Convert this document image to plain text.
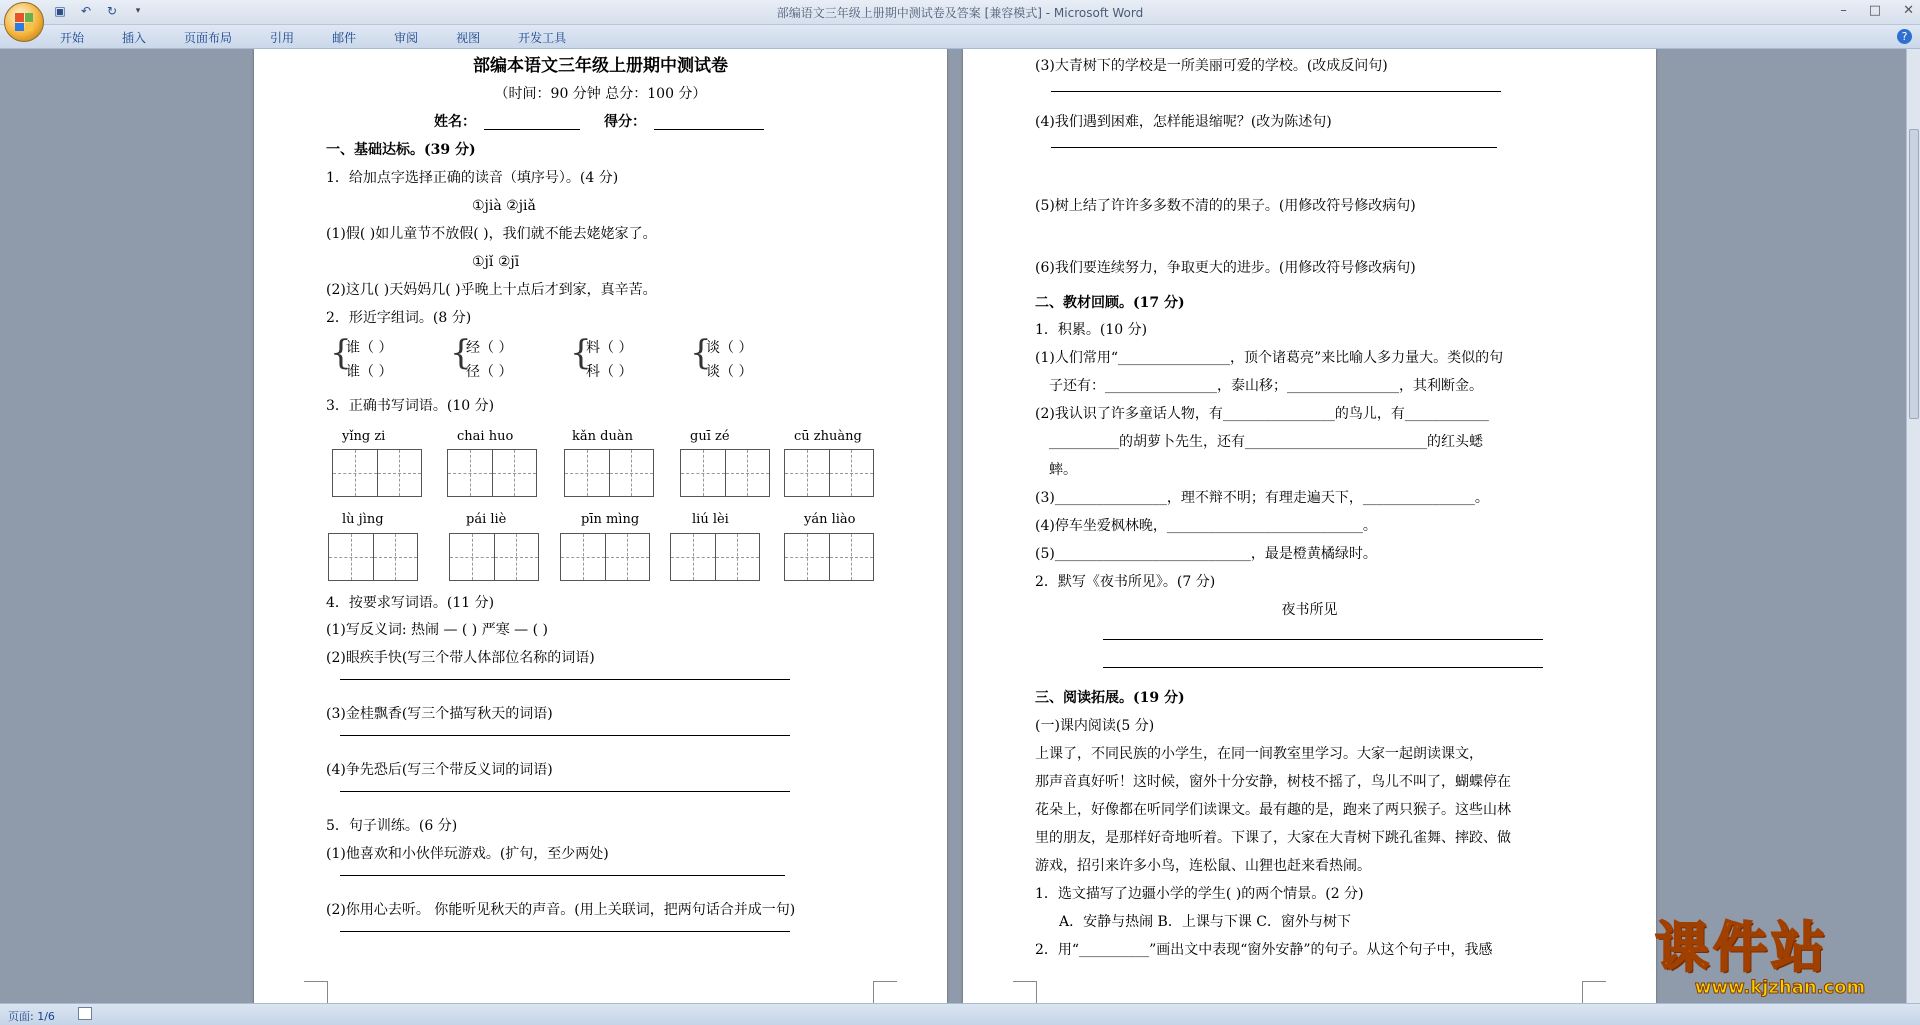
▣ ↶ ↻	▾	部编语文三年级上册期中测试卷及答案 [兼容模式] - Microsoft Word	– □ ✕
开始	插入	页面布局	引用	邮件	审阅	视图	开发工具	?
部编本语文三年级上册期中测试卷
（时间：90 分钟 总分：100 分）
姓名：	得分：
一、基础达标。(39 分)
1．给加点字选择正确的读音（填序号）。(4 分)
①jià ②jiǎ
(1)假( )如儿童节不放假( )，我们就不能去姥姥家了。
①jǐ ②jī
(2)这几( )天妈妈几( )乎晚上十点后才到家，真辛苦。
2．形近字组词。(8 分)
{	{	{	{
谁（ ）	经（ ）	料（ ）	谈（ ）
谁（ ）	径（ ）	科（ ）	谈（ ）
3．正确书写词语。(10 分)
yǐng zi	chai huo	kǎn duàn	guī zé	cū zhuàng
lù jìng	pái liè	pīn mìng	liú lèi	yán liào
4．按要求写词语。(11 分)
(1)写反义词: 热闹 — ( ) 严寒 — ( )
(2)眼疾手快(写三个带人体部位名称的词语)
(3)金桂飘香(写三个描写秋天的词语)
(4)争先恐后(写三个带反义词的词语)
5．句子训练。(6 分)
(1)他喜欢和小伙伴玩游戏。(扩句，至少两处)
(2)你用心去听。 你能听见秋天的声音。(用上关联词，把两句话合并成一句)
(3)大青树下的学校是一所美丽可爱的学校。(改成反问句)
(4)我们遇到困难，怎样能退缩呢？(改为陈述句)
(5)树上结了许许多多数不清的的果子。(用修改符号修改病句)
(6)我们要连续努力，争取更大的进步。(用修改符号修改病句)
二、教材回顾。(17 分)
1．积累。(10 分)
(1)人们常用“________________，顶个诸葛亮”来比喻人多力量大。类似的句
子还有：________________，泰山移；________________，其利断金。
(2)我认识了许多童话人物，有________________的鸟儿，有____________
__________的胡萝卜先生，还有__________________________的红头蟋
蟀。
(3)________________，理不辩不明；有理走遍天下，________________。
(4)停车坐爱枫林晚，____________________________。
(5)____________________________，最是橙黄橘绿时。
2．默写《夜书所见》。(7 分)
夜书所见
三、阅读拓展。(19 分)
(一)课内阅读(5 分)
上课了，不同民族的小学生，在同一间教室里学习。大家一起朗读课文，
那声音真好听！这时候，窗外十分安静，树枝不摇了，鸟儿不叫了，蝴蝶停在
花朵上，好像都在听同学们读课文。最有趣的是，跑来了两只猴子。这些山林
里的朋友，是那样好奇地听着。下课了，大家在大青树下跳孔雀舞、摔跤、做
游戏，招引来许多小鸟，连松鼠、山狸也赶来看热闹。
1．选文描写了边疆小学的学生( )的两个情景。(2 分)
A．安静与热闹 B．上课与下课 C．窗外与树下
2．用“__________”画出文中表现“窗外安静”的句子。从这个句子中，我感	课件站
www.kjzhan.com
页面: 1/6
